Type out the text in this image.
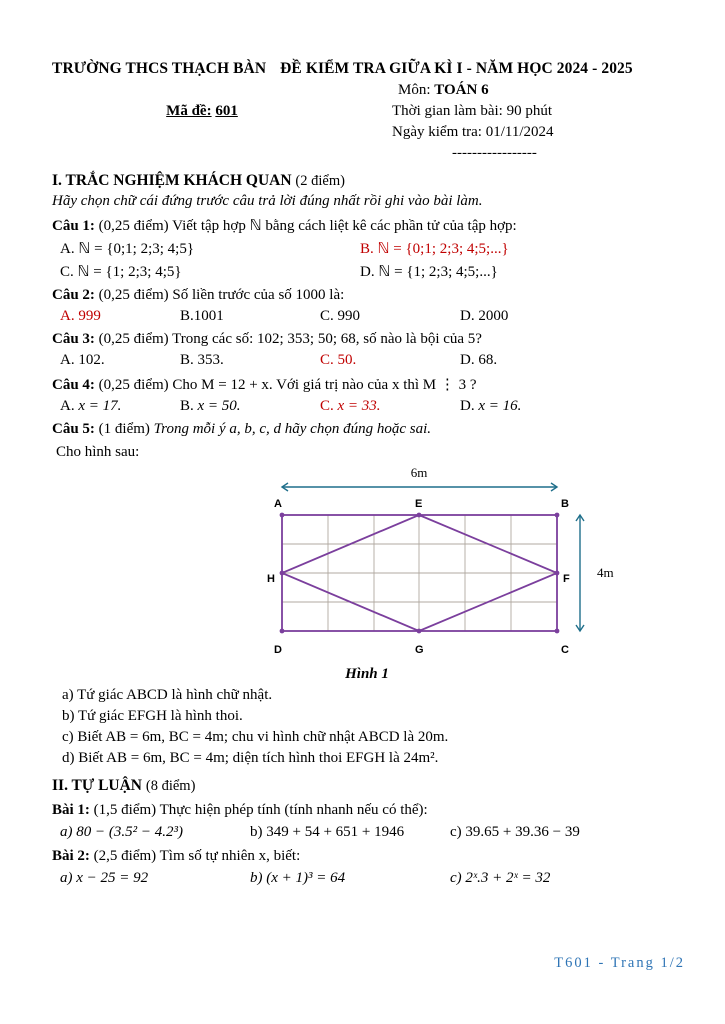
TRƯỜNG THCS THẠCH BÀN ĐỀ KIỂM TRA GIỮA KÌ I - NĂM HỌC 2024 - 2025
Môn: TOÁN 6
Mã đề: 601	Thời gian làm bài: 90 phút
Ngày kiểm tra: 01/11/2024
-----------------
I. TRẮC NGHIỆM KHÁCH QUAN (2 điểm)
Hãy chọn chữ cái đứng trước câu trả lời đúng nhất rồi ghi vào bài làm.
Câu 1: (0,25 điểm) Viết tập hợp ℕ bằng cách liệt kê các phần tử của tập hợp:
A. ℕ = {0;1; 2;3; 4;5}	B. ℕ = {0;1; 2;3; 4;5;...}
C. ℕ = {1; 2;3; 4;5}	D. ℕ = {1; 2;3; 4;5;...}
Câu 2: (0,25 điểm) Số liền trước của số 1000 là:
A. 999	B.1001	C. 990	D. 2000
Câu 3: (0,25 điểm) Trong các số: 102; 353; 50; 68, số nào là bội của 5?
A. 102.	B. 353.	C. 50.	D. 68.
Câu 4: (0,25 điểm) Cho M = 12 + x. Với giá trị nào của x thì M ⋮ 3 ?
A. x = 17.	B. x = 50.	C. x = 33.	D. x = 16.
Câu 5: (1 điểm) Trong mỗi ý a, b, c, d hãy chọn đúng hoặc sai.
Cho hình sau:
6m
A	E	B
H	F
D	G	C
4m
Hình 1
a) Tứ giác ABCD là hình chữ nhật.
b) Tứ giác EFGH là hình thoi.
c) Biết AB = 6m, BC = 4m; chu vi hình chữ nhật ABCD là 20m.
d) Biết AB = 6m, BC = 4m; diện tích hình thoi EFGH là 24m².
II. TỰ LUẬN (8 điểm)
Bài 1: (1,5 điểm) Thực hiện phép tính (tính nhanh nếu có thể):
a) 80 − (3.5² − 4.2³)	b) 349 + 54 + 651 + 1946	c) 39.65 + 39.36 − 39
Bài 2: (2,5 điểm) Tìm số tự nhiên x, biết:
a) x − 25 = 92	b) (x + 1)³ = 64	c) 2ˣ.3 + 2ˣ = 32
T601 - Trang 1/2
